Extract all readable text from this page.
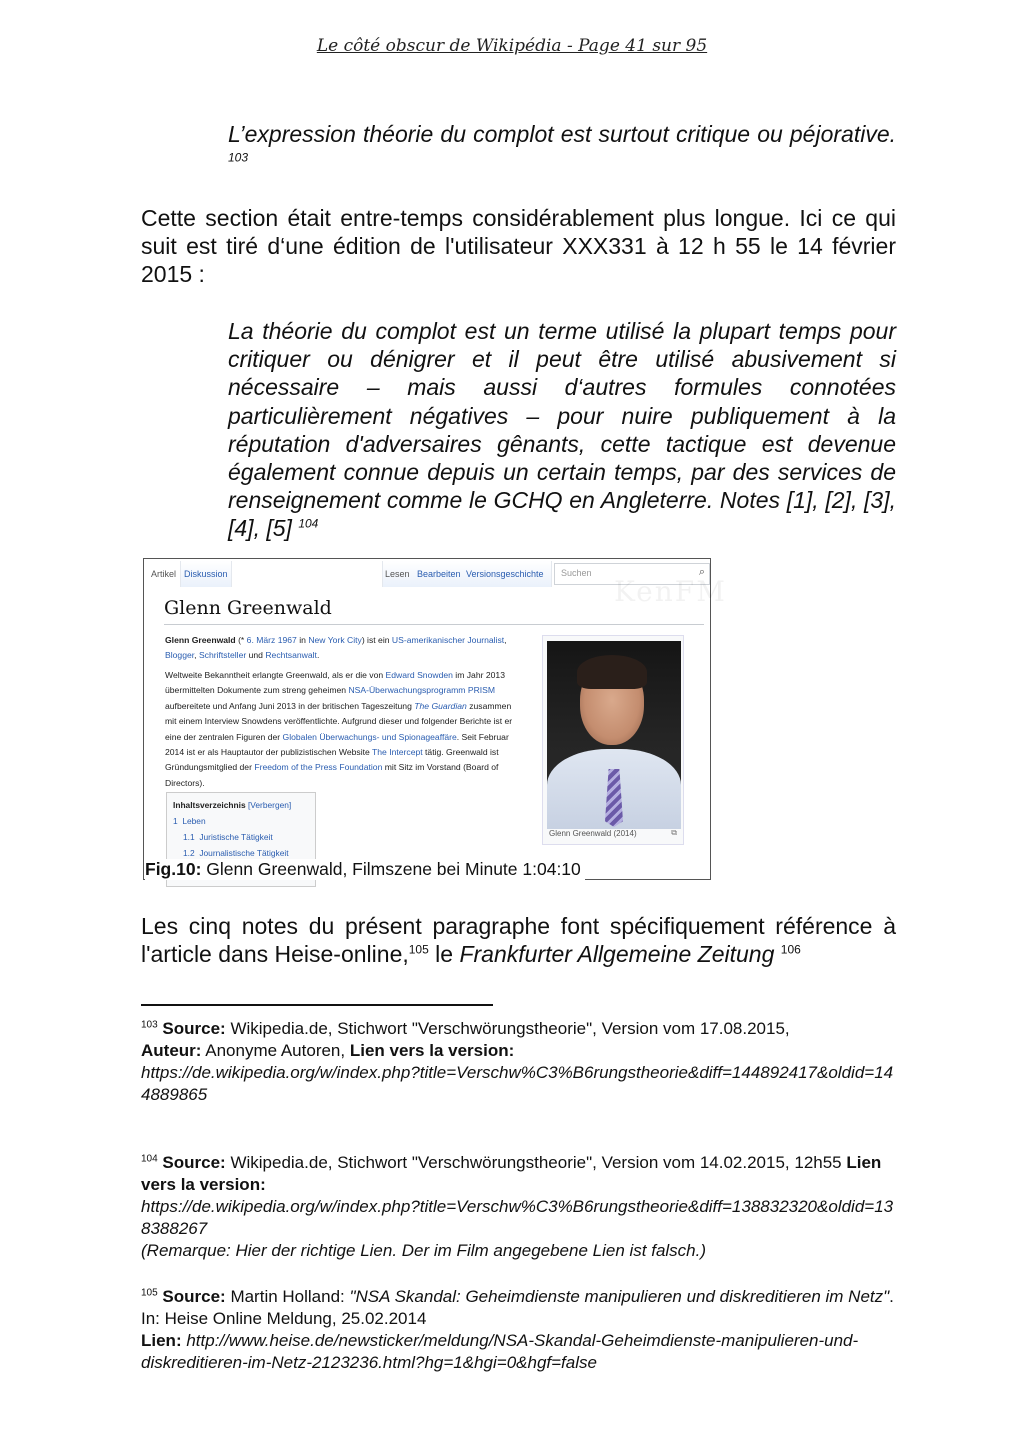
Le côté obscur de Wikipédia - Page 41 sur 95

L’expression théorie du complot est surtout critique ou péjorative. $^{103}$

Cette section était entre-temps considérablement plus longue. Ici ce qui suit est tiré d‘une édition de l'utilisateur XXX331 à 12 h 55 le 14 février 2015 :

La théorie du complot est un terme utilisé la plupart temps pour critiquer ou dénigrer et il peut être utilisé abusivement si nécessaire – mais aussi d‘autres formules connotées particulièrement négatives – pour nuire publiquement à la réputation d'adversaires gênants, cette tactique est devenue également connue depuis un certain temps, par des services de renseignement comme le GCHQ en Angleterre. Notes [1], [2], [3], [4], [5] $^{104}$

Artikel Diskussion	Lesen Bearbeiten Versionsgeschichte	Suchen	⌕
KenFM
Glenn Greenwald
Glenn Greenwald (* 6. März 1967 in New York City) ist ein US-amerikanischer Journalist, Blogger, Schriftsteller und Rechtsanwalt.
Weltweite Bekanntheit erlangte Greenwald, als er die von Edward Snowden im Jahr 2013 übermittelten Dokumente zum streng geheimen NSA-Überwachungsprogramm PRISM aufbereitete und Anfang Juni 2013 in der britischen Tageszeitung The Guardian zusammen mit einem Interview Snowdens veröffentlichte. Aufgrund dieser und folgender Berichte ist er eine der zentralen Figuren der Globalen Überwachungs- und Spionageaffäre. Seit Februar 2014 ist er als Hauptautor der publizistischen Website The Intercept tätig. Greenwald ist Gründungsmitglied der Freedom of the Press Foundation mit Sitz im Vorstand (Board of Directors).
Inhaltsverzeichnis [Verbergen]
1 Leben
1.1 Juristische Tätigkeit
1.2 Journalistische Tätigkeit
Glenn Greenwald (2014)	⧉
Fig.10: Glenn Greenwald, Filmszene bei Minute 1:04:10

Les cinq notes du présent paragraphe font spécifiquement référence à l'article dans Heise-online,$^{105}$ le Frankfurter Allgemeine Zeitung $^{106}$

$^{103}$ Source: Wikipedia.de, Stichwort "Verschwörungstheorie", Version vom 17.08.2015,
Auteur: Anonyme Autoren, Lien vers la version:
https://de.wikipedia.org/w/index.php?title=Verschw%C3%B6rungstheorie&diff=144892417&oldid=144889865
$^{104}$ Source: Wikipedia.de, Stichwort "Verschwörungstheorie", Version vom 14.02.2015, 12h55 Lien vers la version:
https://de.wikipedia.org/w/index.php?title=Verschw%C3%B6rungstheorie&diff=138832320&oldid=138388267
(Remarque: Hier der richtige Lien. Der im Film angegebene Lien ist falsch.)
$^{105}$ Source: Martin Holland: "NSA Skandal: Geheimdienste manipulieren und diskreditieren im Netz". In: Heise Online Meldung, 25.02.2014
Lien: http://www.heise.de/newsticker/meldung/NSA-Skandal-Geheimdienste-manipulieren-und-diskreditieren-im-Netz-2123236.html?hg=1&hgi=0&hgf=false
